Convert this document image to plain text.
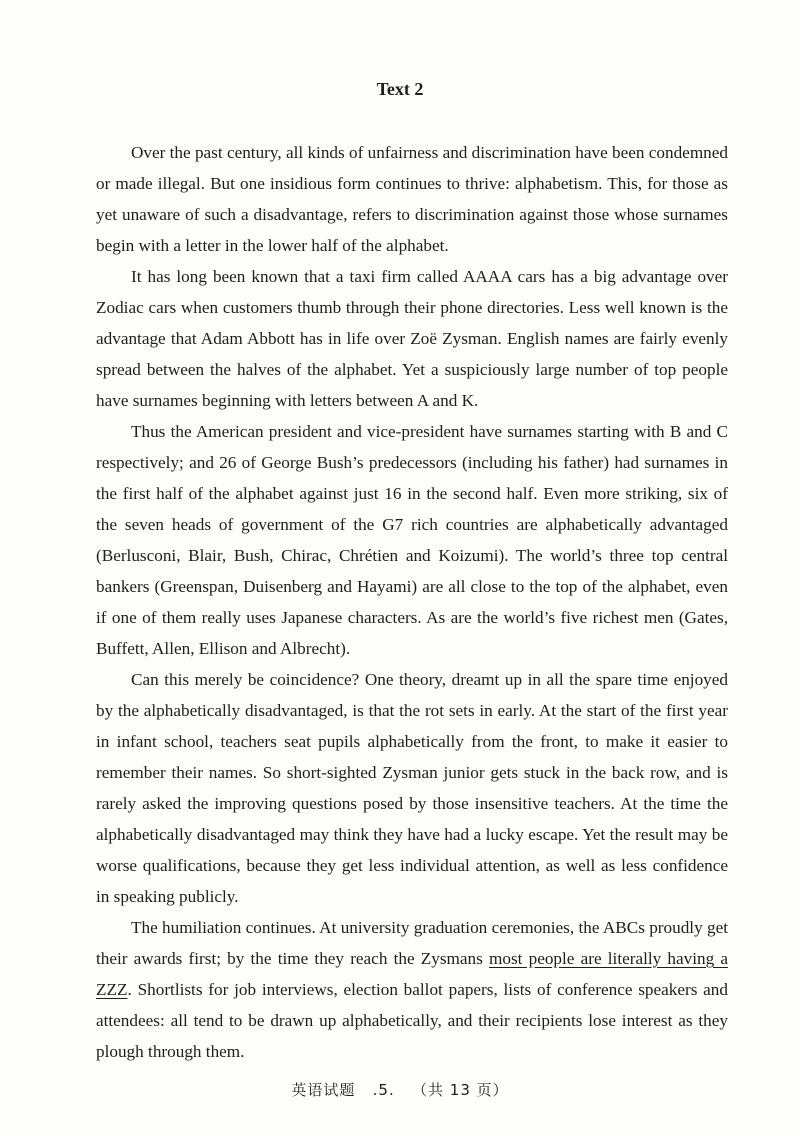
Text 2

Over the past century, all kinds of unfairness and discrimination have been condemned or made illegal. But one insidious form continues to thrive: alphabetism. This, for those as yet unaware of such a disadvantage, refers to discrimination against those whose surnames begin with a letter in the lower half of the alphabet.

It has long been known that a taxi firm called AAAA cars has a big advantage over Zodiac cars when customers thumb through their phone directories. Less well known is the advantage that Adam Abbott has in life over Zoë Zysman. English names are fairly evenly spread between the halves of the alphabet. Yet a suspiciously large number of top people have surnames beginning with letters between A and K.

Thus the American president and vice-president have surnames starting with B and C respectively; and 26 of George Bush’s predecessors (including his father) had surnames in the first half of the alphabet against just 16 in the second half. Even more striking, six of the seven heads of government of the G7 rich countries are alphabetically advantaged (Berlusconi, Blair, Bush, Chirac, Chrétien and Koizumi). The world’s three top central bankers (Greenspan, Duisenberg and Hayami) are all close to the top of the alphabet, even if one of them really uses Japanese characters. As are the world’s five richest men (Gates, Buffett, Allen, Ellison and Albrecht).

Can this merely be coincidence? One theory, dreamt up in all the spare time enjoyed by the alphabetically disadvantaged, is that the rot sets in early. At the start of the first year in infant school, teachers seat pupils alphabetically from the front, to make it easier to remember their names. So short-sighted Zysman junior gets stuck in the back row, and is rarely asked the improving questions posed by those insensitive teachers. At the time the alphabetically disadvantaged may think they have had a lucky escape. Yet the result may be worse qualifications, because they get less individual attention, as well as less confidence in speaking publicly.

The humiliation continues. At university graduation ceremonies, the ABCs proudly get their awards first; by the time they reach the Zysmans most people are literally having a ZZZ. Shortlists for job interviews, election ballot papers, lists of conference speakers and attendees: all tend to be drawn up alphabetically, and their recipients lose interest as they plough through them.

英语试题   .5.   （共 13 页）
